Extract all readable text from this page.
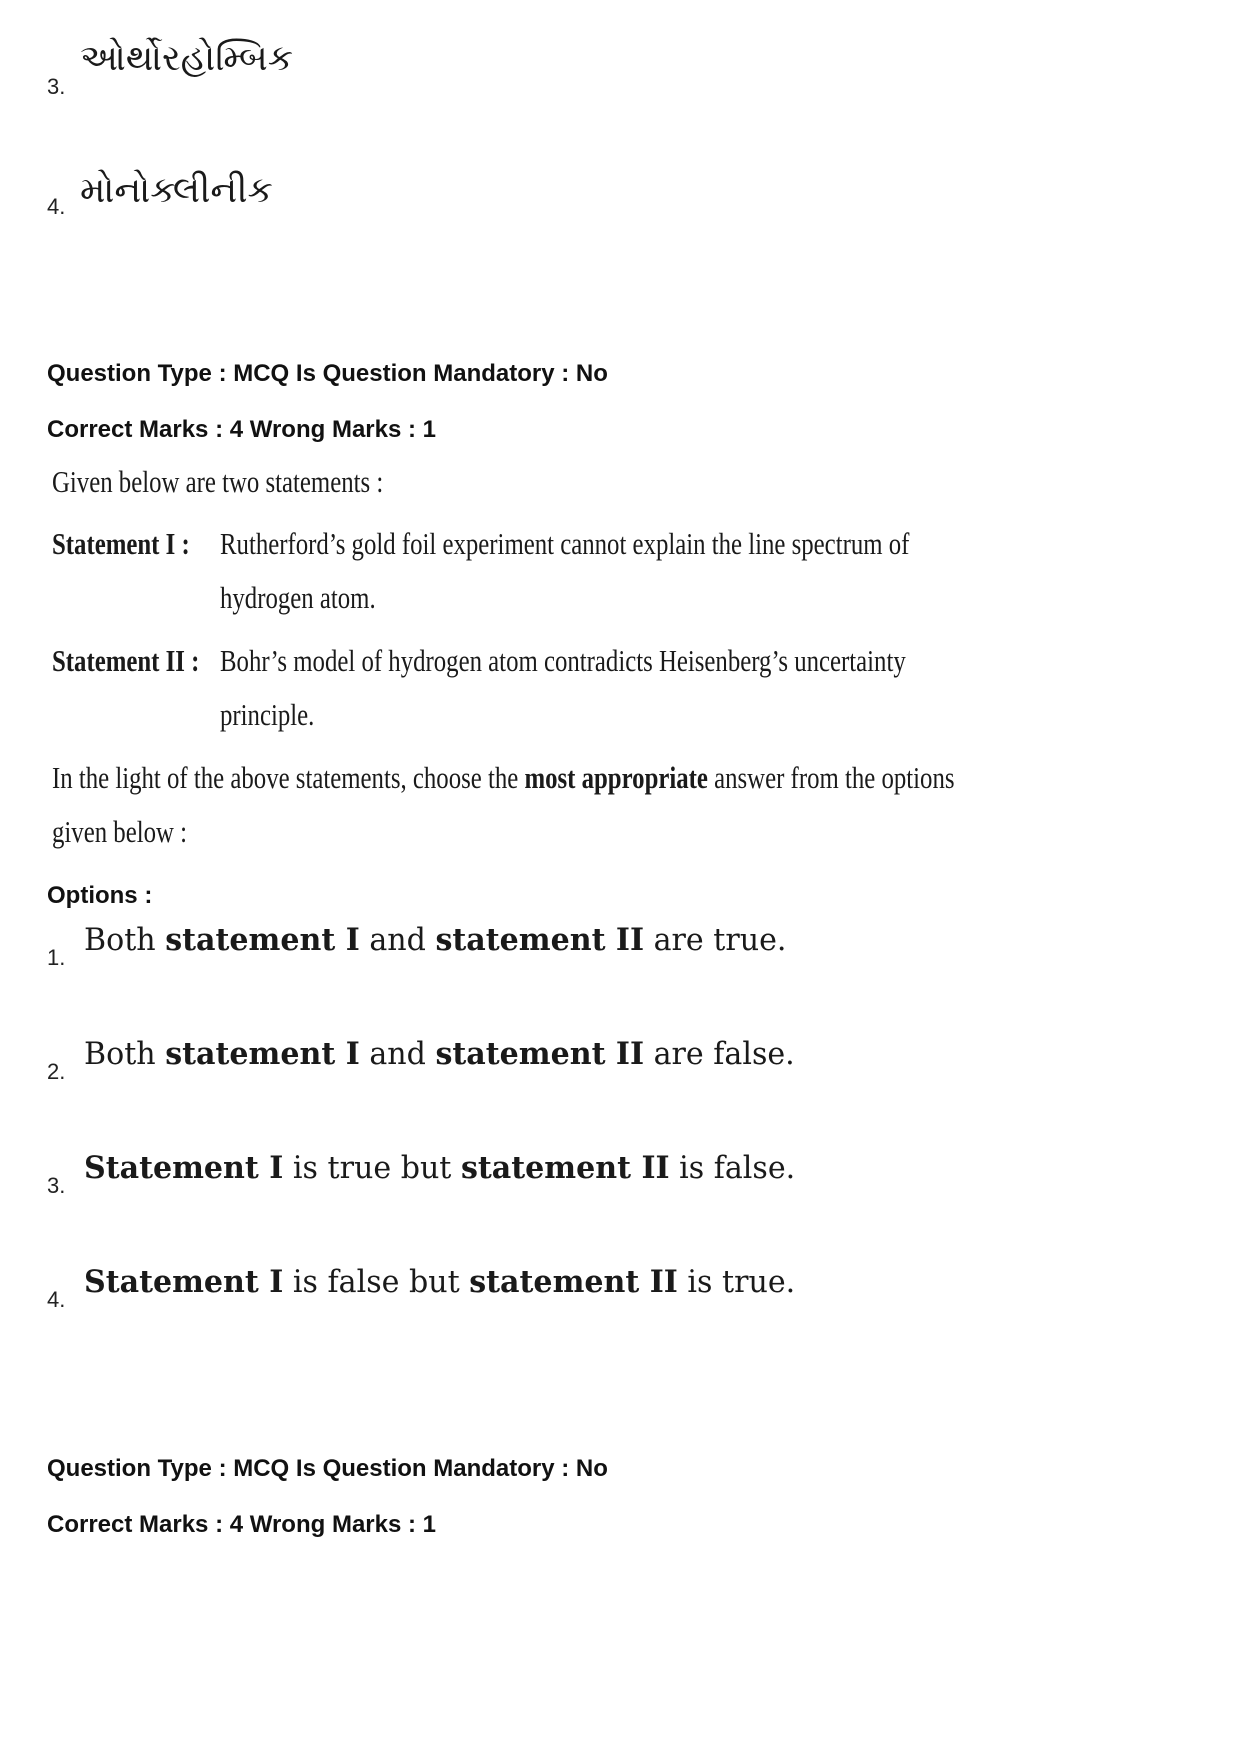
3.
ઓર્થોરહોમ્બિક
4. મોનોક્લીનીક
Question Type : MCQ Is Question Mandatory : No
Correct Marks : 4 Wrong Marks : 1
Given below are two statements :
Statement I : Rutherford’s gold foil experiment cannot explain the line spectrum of
hydrogen atom.
Statement II : Bohr’s model of hydrogen atom contradicts Heisenberg’s uncertainty
principle.
In the light of the above statements, choose the most appropriate answer from the options
given below :
Options :
1. Both statement I and statement II are true.
2. Both statement I and statement II are false.
3. Statement I is true but statement II is false.
4. Statement I is false but statement II is true.
Question Type : MCQ Is Question Mandatory : No
Correct Marks : 4 Wrong Marks : 1
